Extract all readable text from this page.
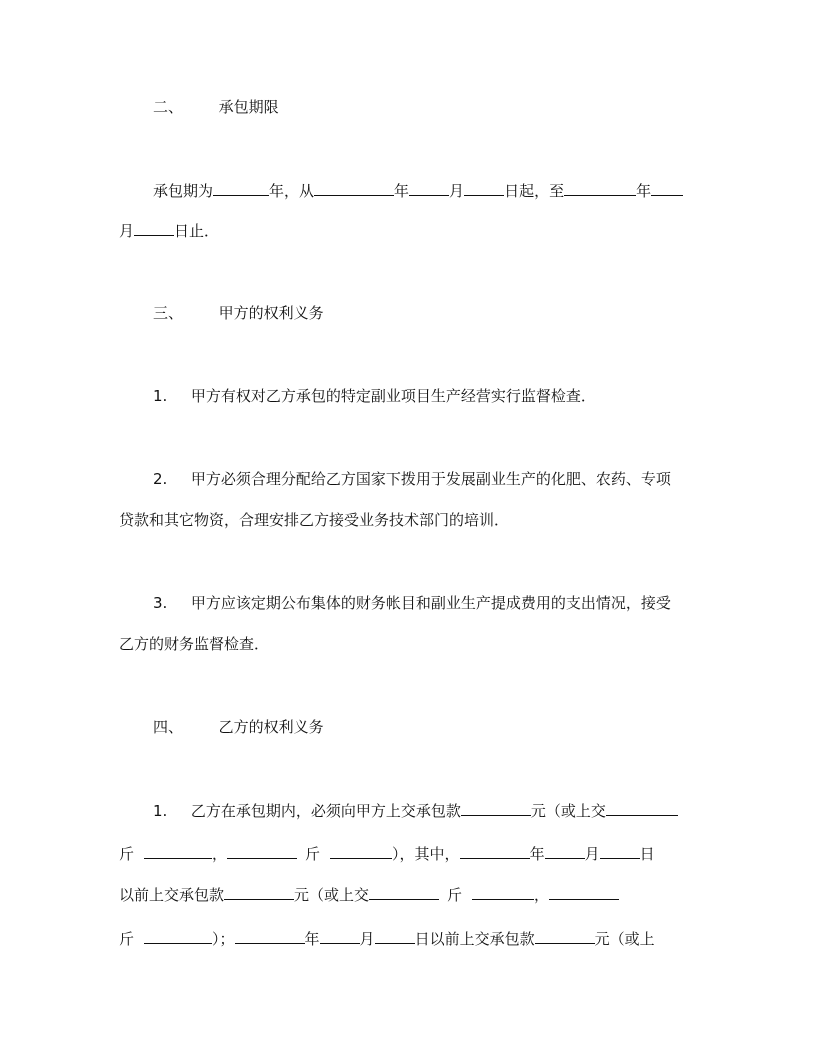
二、 承包期限
承包期为	年，从	年	月	日起，至	年
月	日止．
三、 甲方的权利义务
1. 甲方有权对乙方承包的特定副业项目生产经营实行监督检查．
2. 甲方必须合理分配给乙方国家下拨用于发展副业生产的化肥、农药、专项
贷款和其它物资，合理安排乙方接受业务技术部门的培训．
3. 甲方应该定期公布集体的财务帐目和副业生产提成费用的支出情况，接受
乙方的财务监督检查．
四、 乙方的权利义务
1. 乙方在承包期内，必须向甲方上交承包款	元（或上交
斤	，	斤	），其中，	年	月	日
以前上交承包款	元（或上交	斤	，
斤	）；	年	月	日以前上交承包款	元（或上
